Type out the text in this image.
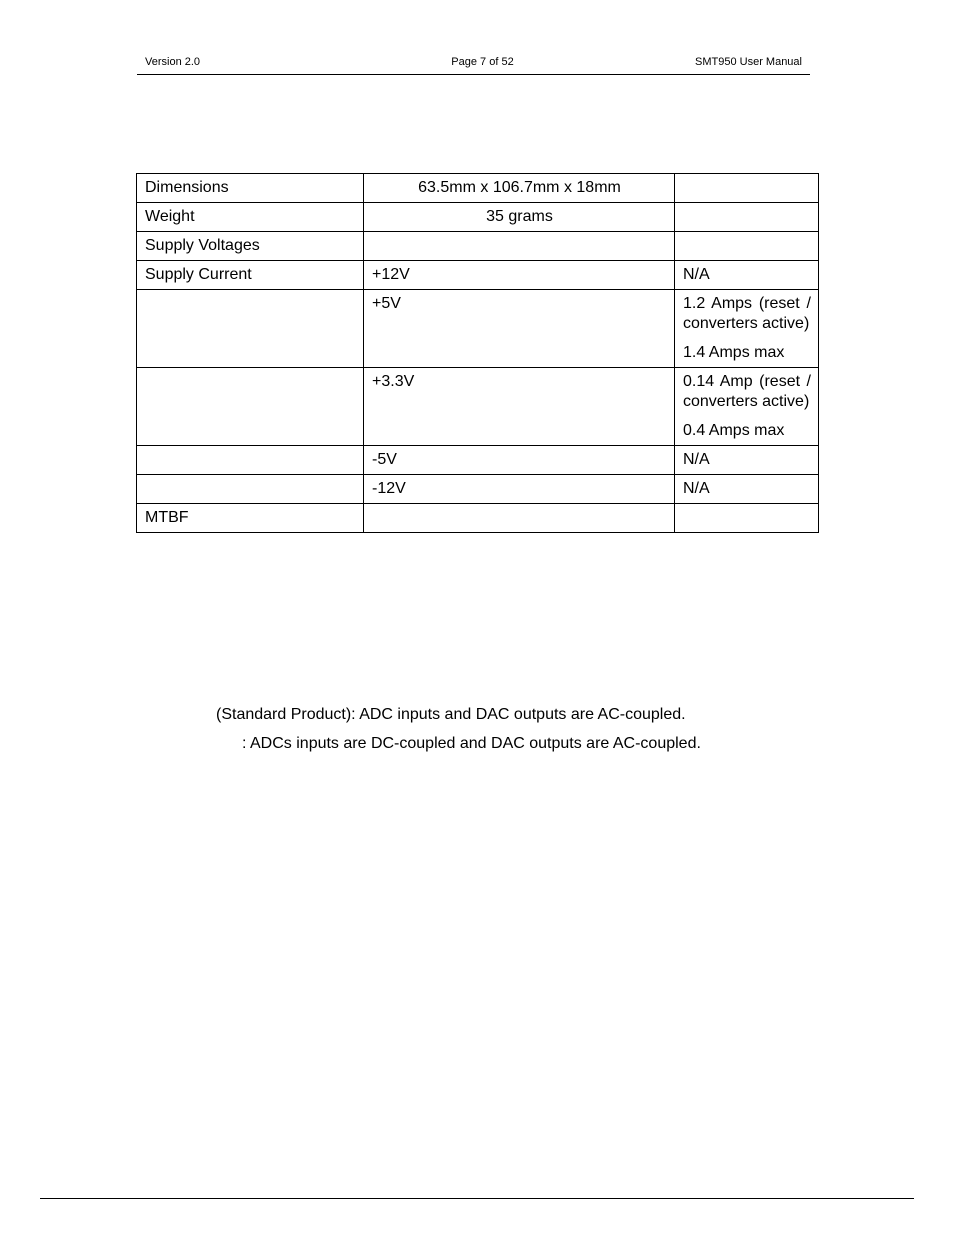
Version 2.0	Page 7 of 52	SMT950 User Manual
Dimensions	63.5mm x 106.7mm x 18mm	
Weight	35 grams	
Supply Voltages		
Supply Current	+12V	N/A
	+5V	1.2 Amps (reset / converters active)
1.4 Amps max

	+3.3V	0.14 Amp (reset / converters active)
0.4 Amps max

	-5V	N/A
	-12V	N/A
MTBF		
(Standard Product): ADC inputs and DAC outputs are AC-coupled.
: ADCs inputs are DC-coupled and DAC outputs are AC-coupled.
